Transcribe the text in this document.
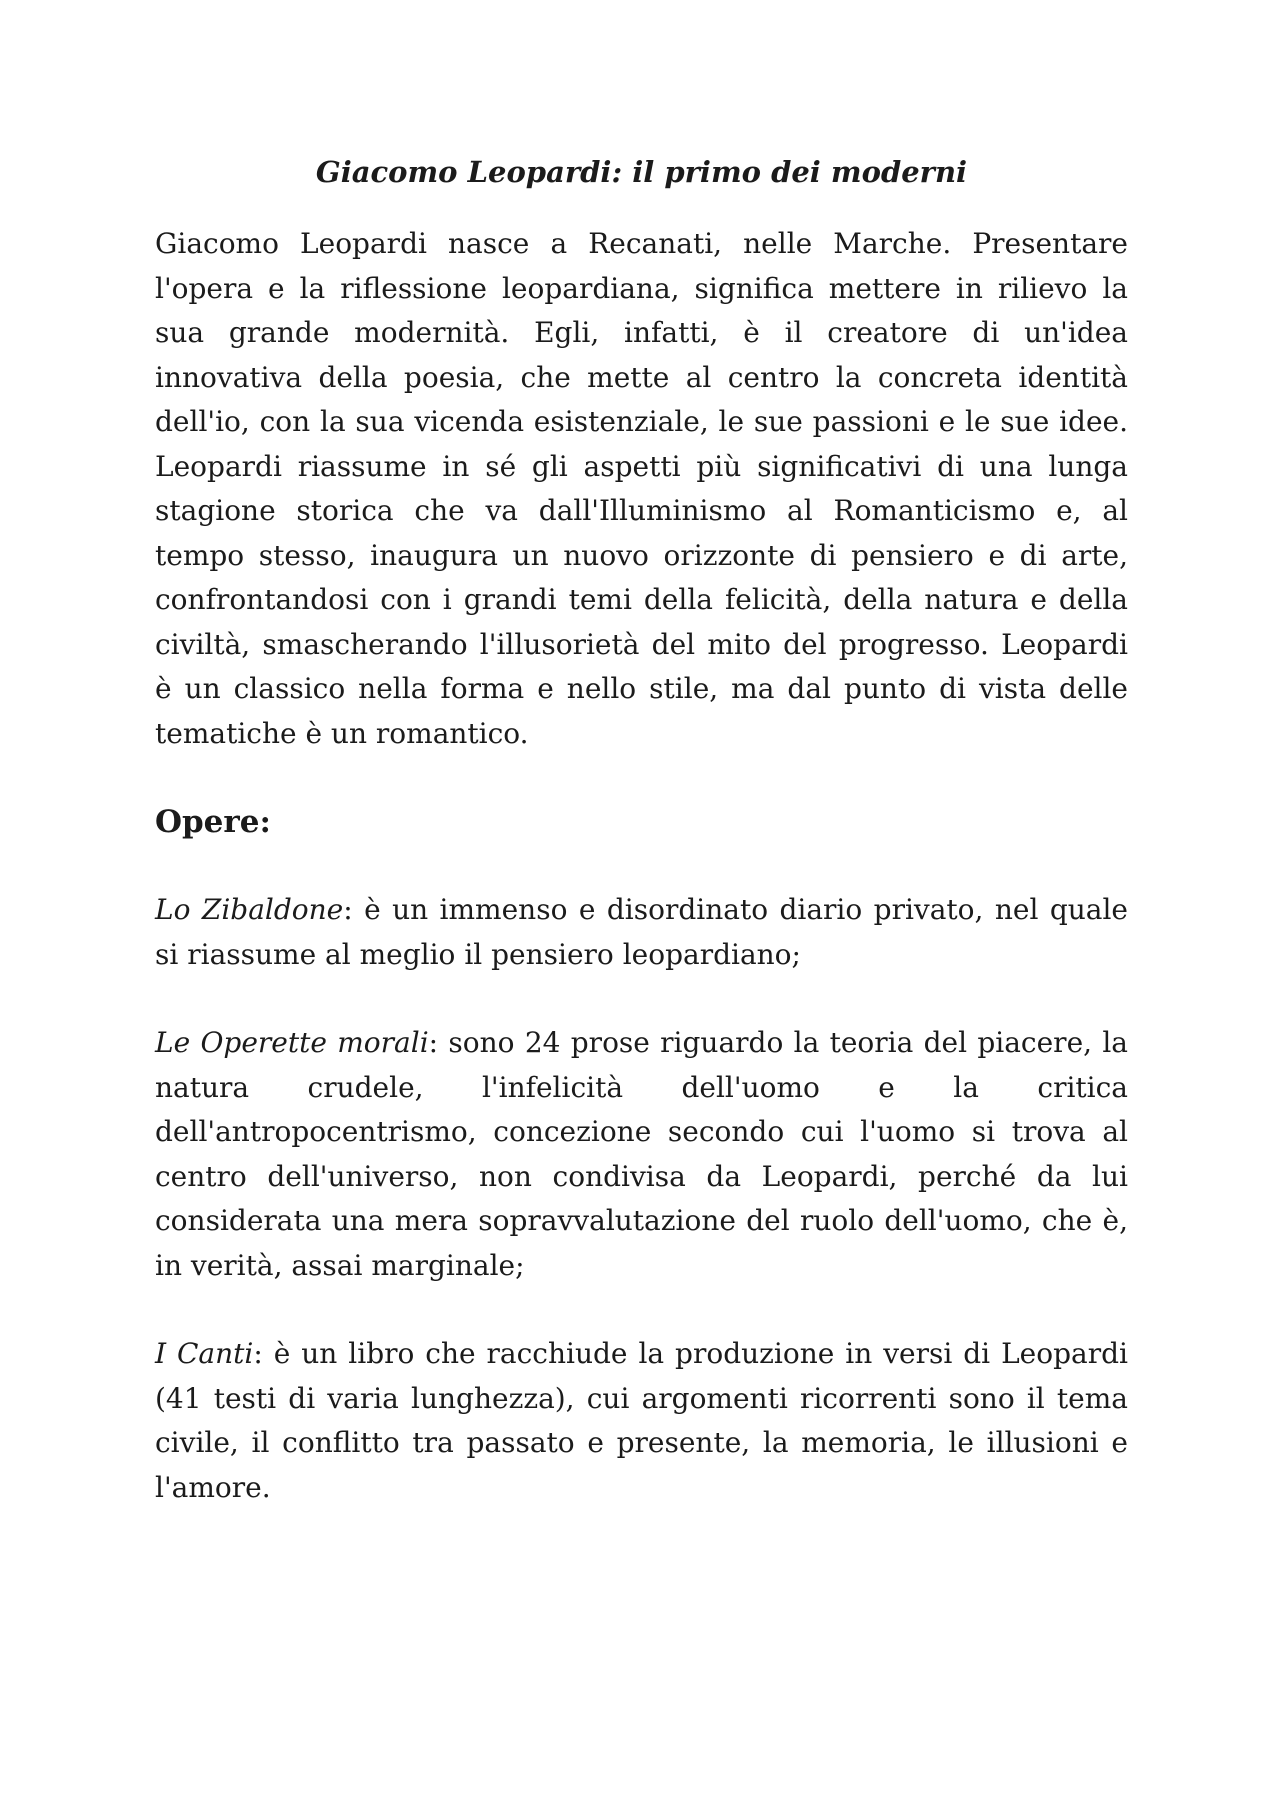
Giacomo Leopardi: il primo dei moderni

Giacomo Leopardi nasce a Recanati, nelle Marche. Presentare l'opera e la riflessione leopardiana, significa mettere in rilievo la sua grande modernità. Egli, infatti, è il creatore di un'idea innovativa della poesia, che mette al centro la concreta identità dell'io, con la sua vicenda esistenziale, le sue passioni e le sue idee. Leopardi riassume in sé gli aspetti più significativi di una lunga stagione storica che va dall'Illuminismo al Romanticismo e, al tempo stesso, inaugura un nuovo orizzonte di pensiero e di arte, confrontandosi con i grandi temi della felicità, della natura e della civiltà, smascherando l'illusorietà del mito del progresso. Leopardi è un classico nella forma e nello stile, ma dal punto di vista delle tematiche è un romantico.

Opere:

Lo Zibaldone: è un immenso e disordinato diario privato, nel quale si riassume al meglio il pensiero leopardiano;

Le Operette morali: sono 24 prose riguardo la teoria del piacere, la natura crudele, l'infelicità dell'uomo e la critica dell'antropocentrismo, concezione secondo cui l'uomo si trova al centro dell'universo, non condivisa da Leopardi, perché da lui considerata una mera sopravvalutazione del ruolo dell'uomo, che è, in verità, assai marginale;

I Canti: è un libro che racchiude la produzione in versi di Leopardi (41 testi di varia lunghezza), cui argomenti ricorrenti sono il tema civile, il conflitto tra passato e presente, la memoria, le illusioni e l'amore.
